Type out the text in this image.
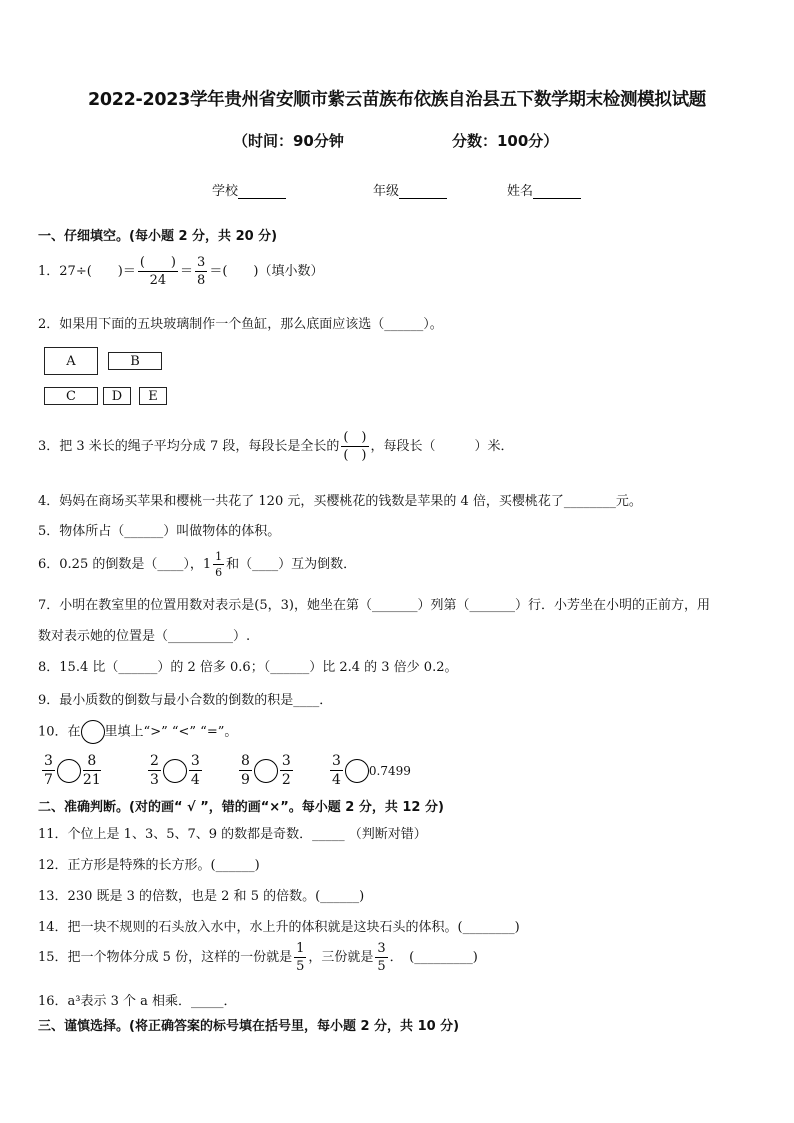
2022-2023学年贵州省安顺市紫云苗族布依族自治县五下数学期末检测模拟试题
（时间：90分钟	分数：100分）
学校	年级	姓名
一、仔细填空。(每小题 2 分，共 20 分)
1．27÷(　　)＝ $\frac{( )}{24} = \frac{3}{8}$ ＝(　　)（填小数）
2．如果用下面的五块玻璃制作一个鱼缸，那么底面应该选（______）。
A	B
C	D	E
3．把 3 米长的绳子平均分成 7 段，每段长是全长的 $\frac{( )}{( )}$ ，每段长（　　　）米．
4．妈妈在商场买苹果和樱桃一共花了 120 元，买樱桃花的钱数是苹果的 4 倍，买樱桃花了________元。
5．物体所占（______）叫做物体的体积。
6．0.25 的倒数是（____），$1 \frac{1}{6}$ 和（____）互为倒数．
7．小明在教室里的位置用数对表示是(5，3)，她坐在第（_______）列第（_______）行．小芳坐在小明的正前方，用
数对表示她的位置是（__________）.
8．15.4 比（______）的 2 倍多 0.6；（______）比 2.4 的 3 倍少 0.2。
9．最小质数的倒数与最小合数的倒数的积是____．
10．在 里填上“>” “<” “=”。
$\frac{3}{7} \frac{8}{21}$	$\frac{2}{3} \frac{3}{4}$	$\frac{8}{9} \frac{3}{2}$	$\frac{3}{4} 0.7499$
二、准确判断。(对的画“ √ ”，错的画“×”。每小题 2 分，共 12 分)
11．个位上是 1、3、5、7、9 的数都是奇数．_____ （判断对错）
12．正方形是特殊的长方形。(______)
13．230 既是 3 的倍数，也是 2 和 5 的倍数。(______)
14．把一块不规则的石头放入水中，水上升的体积就是这块石头的体积。(________)
15．把一个物体分成 5 份，这样的一份就是 $\frac{1}{5}$ ，三份就是 $\frac{3}{5}$ ．　(_________)
16．a³表示 3 个 a 相乘．_____．
三、谨慎选择。(将正确答案的标号填在括号里，每小题 2 分，共 10 分)
